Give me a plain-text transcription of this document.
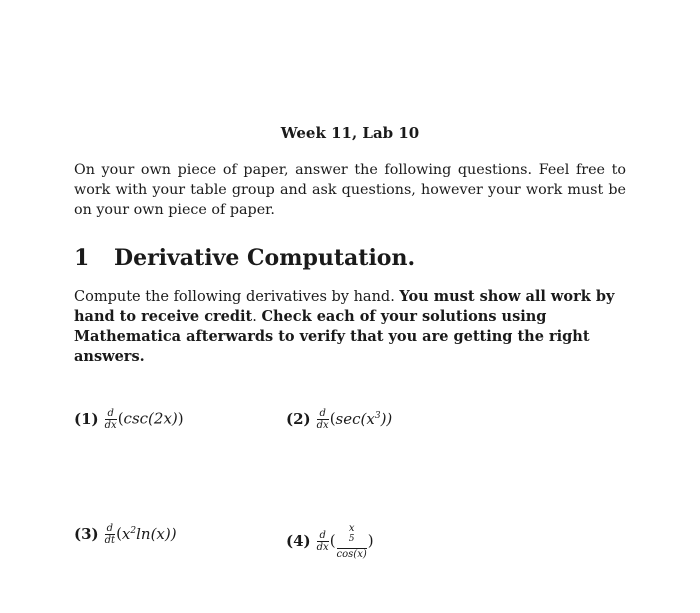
Week 11, Lab 10
On your own piece of paper, answer the following questions. Feel free to work with your table group and ask questions, however your work must be on your own piece of paper.
1 Derivative Computation.
Compute the following derivatives by hand. You must show all work by hand to receive credit. Check each of your solutions using Mathematica afterwards to verify that you are getting the right answers.
$(1) \frac{d}{dx} (\csc(2x))$	$(2) \frac{d}{dx} (\sec(x^3))$
$(3) \frac{d}{dt} (x^2\ln(x))$	$(4) \frac{d}{dx}$ ( x
$^5$
cos(x) )
